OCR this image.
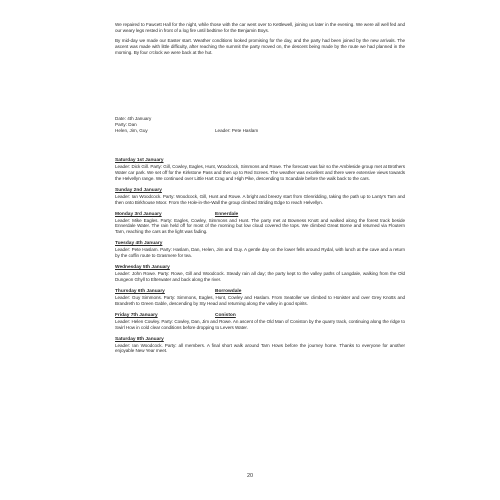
We repaired to Fawcett Hall for the night, while those with the car went over to Kettlewell, joining us later in the evening. We were all well fed and our weary legs rested in front of a log fire until bedtime for the Benjamin Boys.

By mid-day we made our Easter start. Weather conditions looked promising for the day, and the party had been joined by the new arrivals. The ascent was made with little difficulty, after reaching the summit the party moved on, the descent being made by the route we had planned in the morning. By four o'clock we were back at the hut.

Date: 4th January
Party: Dan
Helen, Jim, Guy	Leader: Pete Haslam
Saturday 1st January

Leader: Dick Gill. Party: Gill, Cowley, Eagles, Hunt, Woodcock, Simmons and Rowe. The forecast was fair so the Ambleside group met at Brothers Water car park. We set off for the Kirkstone Pass and then up to Red Screes. The weather was excellent and there were extensive views towards the Helvellyn range. We continued over Little Hart Crag and High Pike, descending to Scandale before the walk back to the cars.

Sunday 2nd January

Leader: Ian Woodcock. Party: Woodcock, Gill, Hunt and Rowe. A bright and breezy start from Glenridding, taking the path up to Lanty's Tarn and then onto Birkhouse Moor. From the Hole-in-the-Wall the group climbed Striding Edge to reach Helvellyn.

Monday 3rd January	Ennerdale

Leader: Mike Eagles. Party: Eagles, Cowley, Simmons and Hunt. The party met at Bowness Knott and walked along the forest track beside Ennerdale Water. The rain held off for most of the morning but low cloud covered the tops. We climbed Great Borne and returned via Floutern Tarn, reaching the cars as the light was fading.

Tuesday 4th January

Leader: Pete Haslam. Party: Haslam, Dan, Helen, Jim and Guy. A gentle day on the lower fells around Rydal, with lunch at the cave and a return by the coffin route to Grasmere for tea.

Wednesday 5th January

Leader: John Rowe. Party: Rowe, Gill and Woodcock. Steady rain all day; the party kept to the valley paths of Langdale, walking from the Old Dungeon Ghyll to Elterwater and back along the river.

Thursday 6th January	Borrowdale

Leader: Guy Simmons. Party: Simmons, Eagles, Hunt, Cowley and Haslam. From Seatoller we climbed to Honister and over Grey Knotts and Brandreth to Green Gable, descending by Sty Head and returning along the valley in good spirits.

Friday 7th January	Coniston

Leader: Helen Cowley. Party: Cowley, Dan, Jim and Rowe. An ascent of the Old Man of Coniston by the quarry track, continuing along the ridge to Swirl How in cold clear conditions before dropping to Levers Water.

Saturday 8th January

Leader: Ian Woodcock. Party: all members. A final short walk around Tarn Hows before the journey home. Thanks to everyone for another enjoyable New Year meet.

20
